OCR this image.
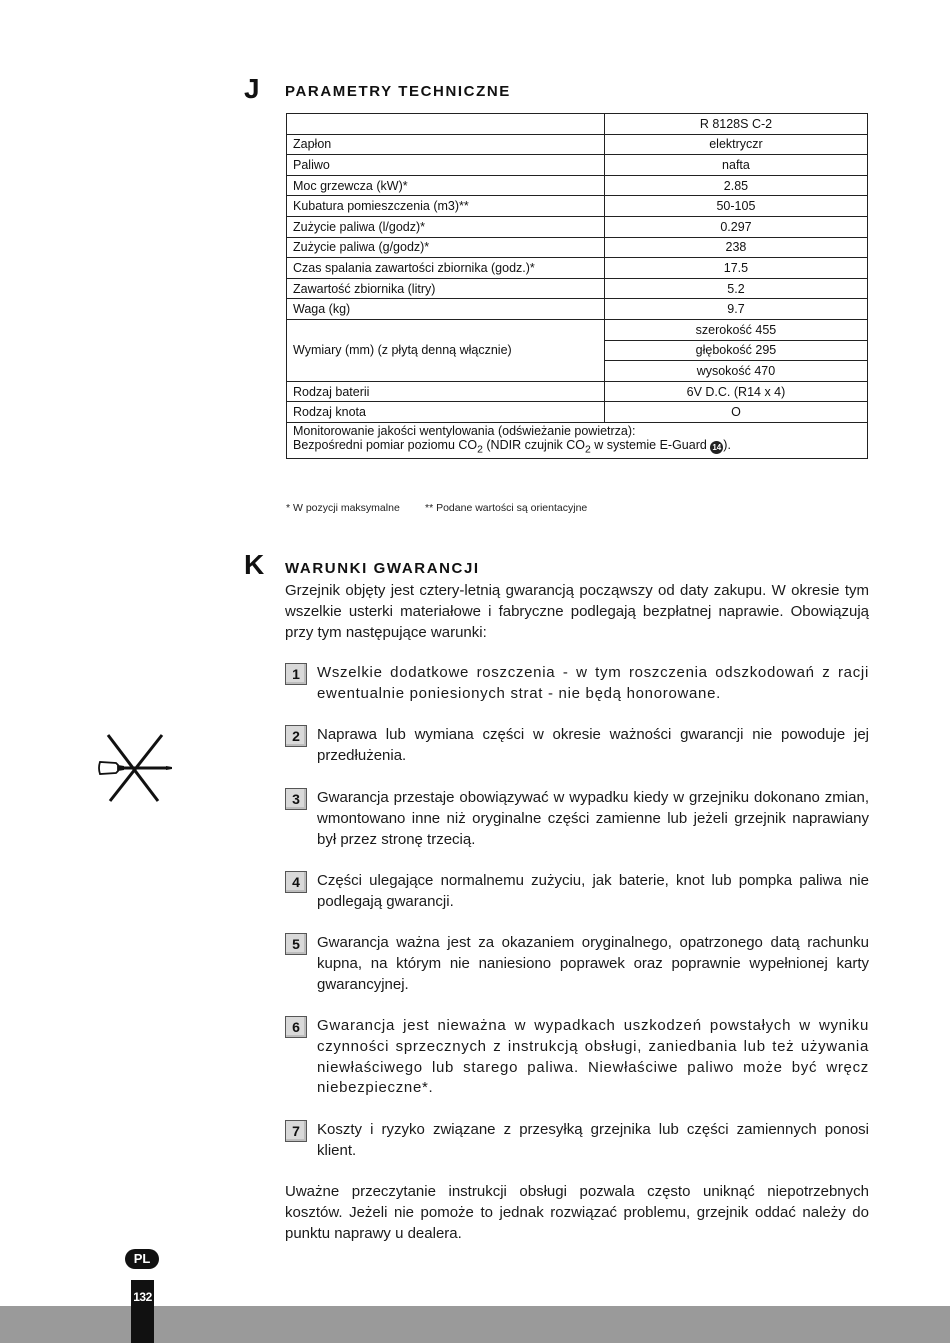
J PARAMETRY TECHNICZNE
	R 8128S C-2
Zapłon	elektryczr
Paliwo	nafta
Moc grzewcza (kW)*	2.85
Kubatura pomieszczenia (m3)**	50-105
Zużycie paliwa (l/godz)*	0.297
Zużycie paliwa (g/godz)*	238
Czas spalania zawartości zbiornika (godz.)*	17.5
Zawartość zbiornika (litry)	5.2
Waga (kg)	9.7
Wymiary (mm) (z płytą denną włącznie)	szerokość 455
	głębokość 295
	wysokość 470
Rodzaj baterii	6V D.C. (R14 x 4)
Rodzaj knota	O
Monitorowanie jakości wentylowania (odświeżanie powietrza):
Bezpośredni pomiar poziomu $CO_2$ (NDIR czujnik $CO_2$ w systemie E-Guard 14 ).	
* W pozycji maksymalne ** Podane wartości są orientacyjne
K WARUNKI GWARANCJI
Grzejnik objęty jest cztery-letnią gwarancją począwszy od daty zakupu. W okresie tym wszelkie usterki materiałowe i fabryczne podlegają bezpłatnej naprawie. Obowiązują przy tym następujące warunki:
1	Wszelkie dodatkowe roszczenia - w tym roszczenia odszkodowań z racji ewentualnie poniesionych strat - nie będą honorowane.
2	Naprawa lub wymiana części w okresie ważności gwarancji nie powoduje jej przedłużenia.
3	Gwarancja przestaje obowiązywać w wypadku kiedy w grzejniku dokonano zmian, wmontowano inne niż oryginalne części zamienne lub jeżeli grzejnik naprawiany był przez stronę trzecią.
4	Części ulegające normalnemu zużyciu, jak baterie, knot lub pompka paliwa nie podlegają gwarancji.
5	Gwarancja ważna jest za okazaniem oryginalnego, opatrzonego datą rachunku kupna, na którym nie naniesiono poprawek oraz poprawnie wypełnionej karty gwarancyjnej.
6	Gwarancja jest nieważna w wypadkach uszkodzeń powstałych w wyniku czynności sprzecznych z instrukcją obsługi, zaniedbania lub też używania niewłaściwego lub starego paliwa. Niewłaściwe paliwo może być wręcz niebezpieczne*.
7	Koszty i ryzyko związane z przesyłką grzejnika lub części zamiennych ponosi klient.
Uważne przeczytanie instrukcji obsługi pozwala często uniknąć niepotrzebnych kosztów. Jeżeli nie pomoże to jednak rozwiązać problemu, grzejnik oddać należy do punktu naprawy u dealera.
PL
132
